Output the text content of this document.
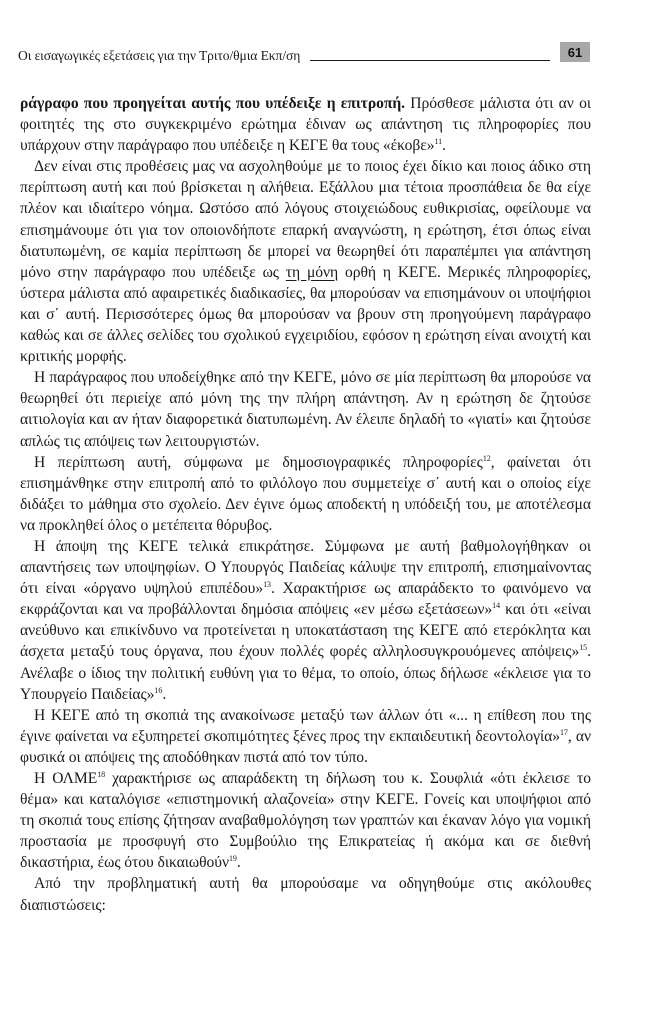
Οι εισαγωγικές εξετάσεις για την Τριτο/θμια Εκπ/ση	61

ράγραφο που προηγείται αυτής που υπέδειξε η επιτροπή. Πρόσθεσε μάλιστα ότι αν οι φοιτητές της στο συγκεκριμένο ερώτημα έδιναν ως απάντηση τις πληροφορίες που υπάρχουν στην παράγραφο που υπέδειξε η ΚΕΓΕ θα τους «έκοβε»$^{11}$.

Δεν είναι στις προθέσεις μας να ασχοληθούμε με το ποιος έχει δίκιο και ποιος άδικο στη περίπτωση αυτή και πού βρίσκεται η αλήθεια. Εξάλλου μια τέτοια προσπάθεια δε θα είχε πλέον και ιδιαίτερο νόημα. Ωστόσο από λόγους στοιχειώδους ευθικρισίας, οφείλουμε να επισημάνουμε ότι για τον οποιονδήποτε επαρκή αναγνώστη, η ερώτηση, έτσι όπως είναι διατυπωμένη, σε καμία περίπτωση δε μπορεί να θεωρηθεί ότι παραπέμπει για απάντηση μόνο στην παράγραφο που υπέδειξε ως τη μόνη ορθή η ΚΕΓΕ. Μερικές πληροφορίες, ύστερα μάλιστα από αφαιρετικές διαδικασίες, θα μπορούσαν να επισημάνουν οι υποψήφιοι και σ΄ αυτή. Περισσότερες όμως θα μπορούσαν να βρουν στη προηγούμενη παράγραφο καθώς και σε άλλες σελίδες του σχολικού εγχειριδίου, εφόσον η ερώτηση είναι ανοιχτή και κριτικής μορφής.

Η παράγραφος που υποδείχθηκε από την ΚΕΓΕ, μόνο σε μία περίπτωση θα μπορούσε να θεωρηθεί ότι περιείχε από μόνη της την πλήρη απάντηση. Αν η ερώτηση δε ζητούσε αιτιολογία και αν ήταν διαφορετικά διατυπωμένη. Αν έλειπε δηλαδή το «γιατί» και ζητούσε απλώς τις απόψεις των λειτουργιστών.

Η περίπτωση αυτή, σύμφωνα με δημοσιογραφικές πληροφορίες$^{12}$, φαίνεται ότι επισημάνθηκε στην επιτροπή από το φιλόλογο που συμμετείχε σ΄ αυτή και ο οποίος είχε διδάξει το μάθημα στο σχολείο. Δεν έγινε όμως αποδεκτή η υπόδειξή του, με αποτέλεσμα να προκληθεί όλος ο μετέπειτα θόρυβος.

Η άποψη της ΚΕΓΕ τελικά επικράτησε. Σύμφωνα με αυτή βαθμολογήθηκαν οι απαντήσεις των υποψηφίων. Ο Υπουργός Παιδείας κάλυψε την επιτροπή, επισημαίνοντας ότι είναι «όργανο υψηλού επιπέδου»$^{13}$. Χαρακτήρισε ως απαράδεκτο το φαινόμενο να εκφράζονται και να προβάλλονται δημόσια απόψεις «εν μέσω εξετάσεων»$^{14}$ και ότι «είναι ανεύθυνο και επικίνδυνο να προτείνεται η υποκατάσταση της ΚΕΓΕ από ετερόκλητα και άσχετα μεταξύ τους όργανα, που έχουν πολλές φορές αλληλοσυγκρουόμενες απόψεις»$^{15}$. Ανέλαβε ο ίδιος την πολιτική ευθύνη για το θέμα, το οποίο, όπως δήλωσε «έκλεισε για το Υπουργείο Παιδείας»$^{16}$.

Η ΚΕΓΕ από τη σκοπιά της ανακοίνωσε μεταξύ των άλλων ότι «... η επίθεση που της έγινε φαίνεται να εξυπηρετεί σκοπιμότητες ξένες προς την εκπαιδευτική δεοντολογία»$^{17}$, αν φυσικά οι απόψεις της αποδόθηκαν πιστά από τον τύπο.

Η ΟΛΜΕ$^{18}$ χαρακτήρισε ως απαράδεκτη τη δήλωση του κ. Σουφλιά «ότι έκλεισε το θέμα» και καταλόγισε «επιστημονική αλαζονεία» στην ΚΕΓΕ. Γονείς και υποψήφιοι από τη σκοπιά τους επίσης ζήτησαν αναβαθμολόγηση των γραπτών και έκαναν λόγο για νομική προστασία με προσφυγή στο Συμβούλιο της Επικρατείας ή ακόμα και σε διεθνή δικαστήρια, έως ότου δικαιωθούν$^{19}$.

Από την προβληματική αυτή θα μπορούσαμε να οδηγηθούμε στις ακόλουθες διαπιστώσεις:
